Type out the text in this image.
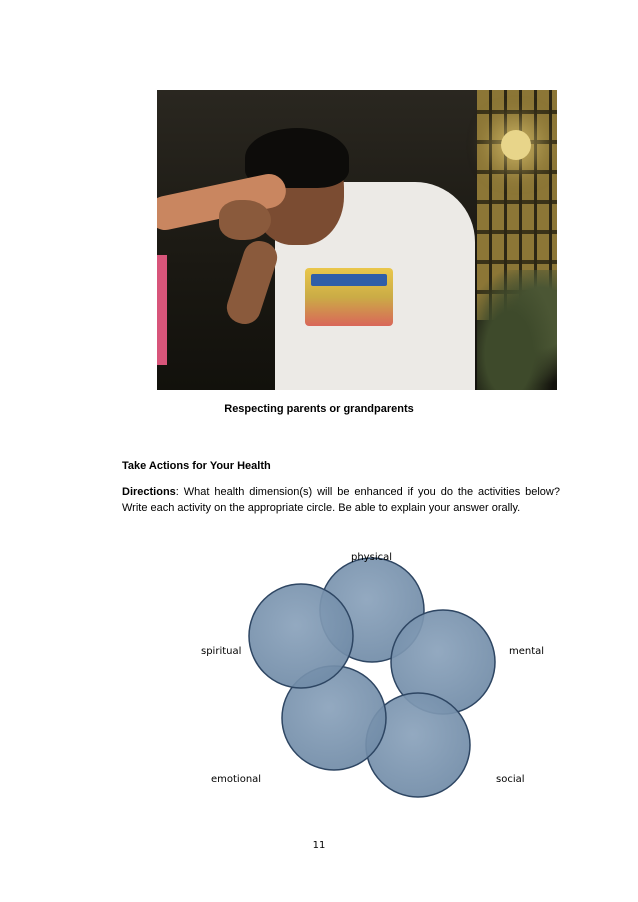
Respecting parents or grandparents
Take Actions for Your Health

Directions: What health dimension(s) will be enhanced if you do the activities below? Write each activity on the appropriate circle. Be able to explain your answer orally.

physical
mental
social
emotional
spiritual
11
